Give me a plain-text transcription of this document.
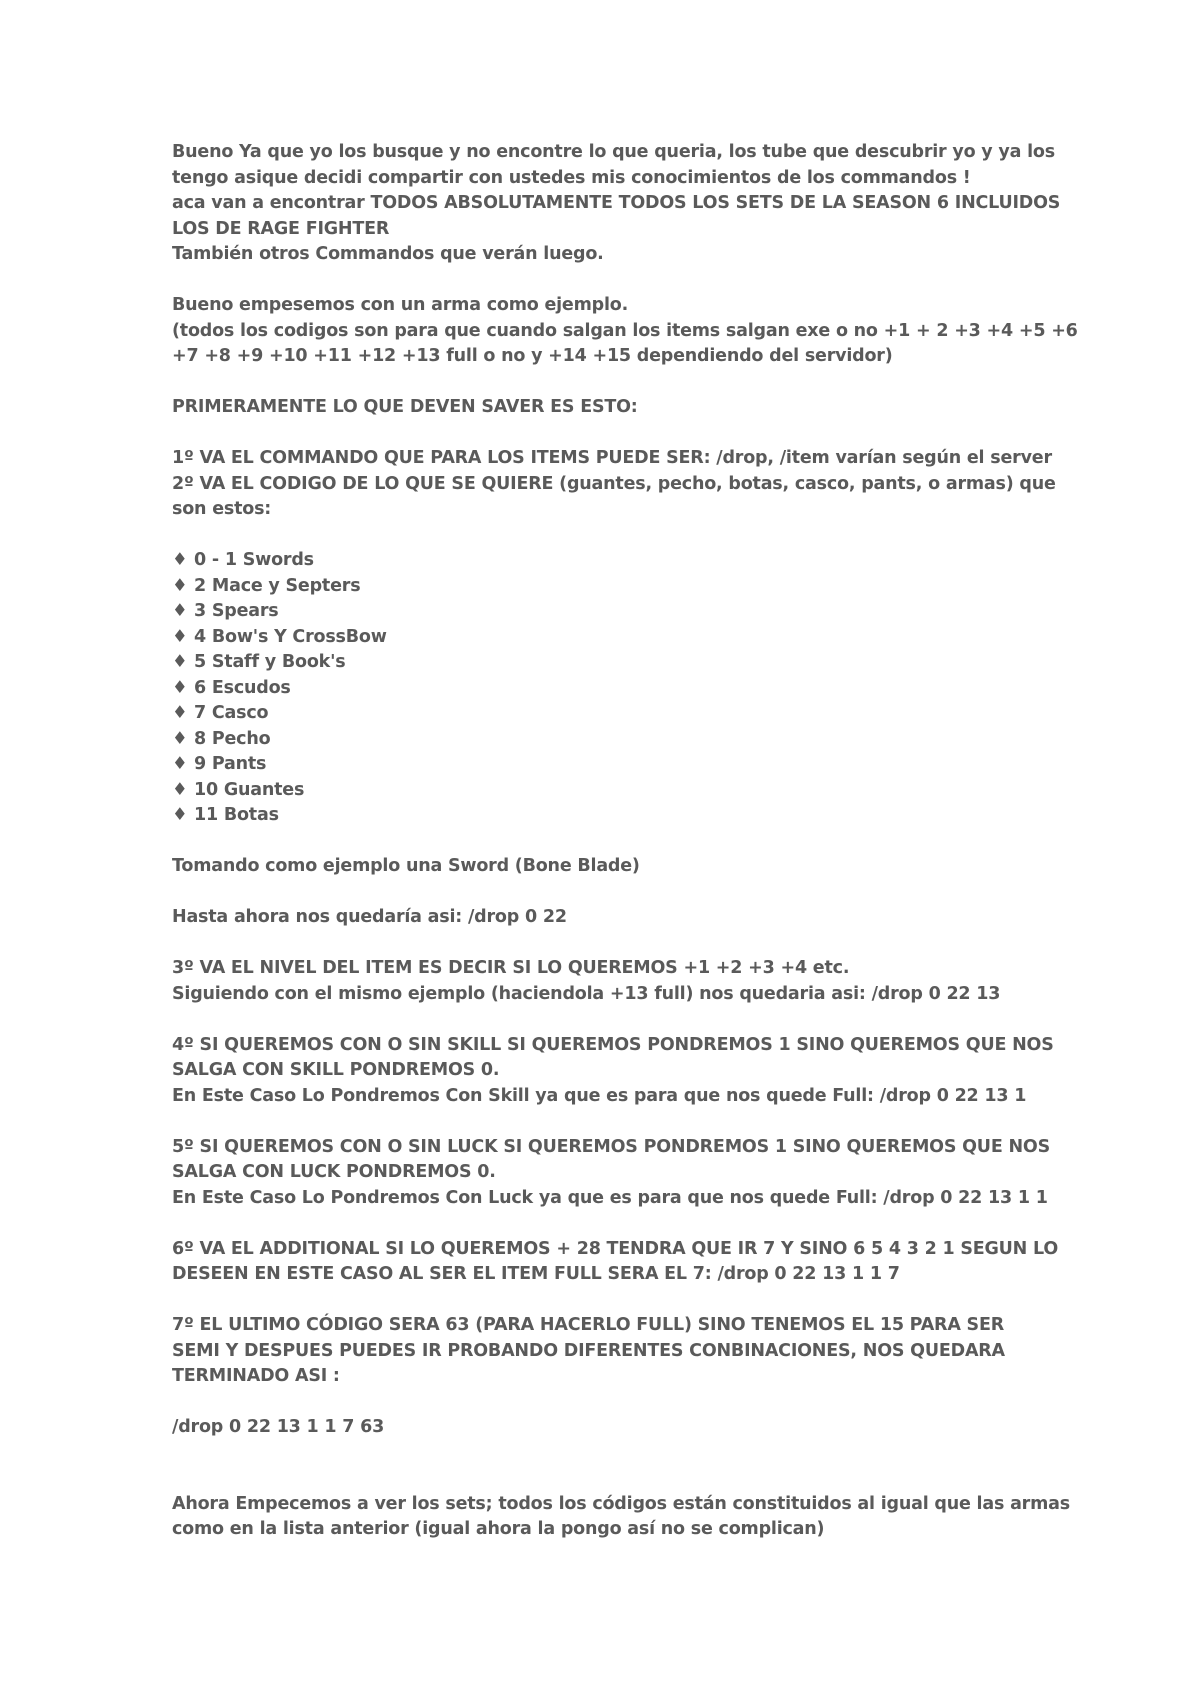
Bueno Ya que yo los busque y no encontre lo que queria, los tube que descubrir yo y ya los
tengo asique decidi compartir con ustedes mis conocimientos de los commandos !
aca van a encontrar TODOS ABSOLUTAMENTE TODOS LOS SETS DE LA SEASON 6 INCLUIDOS
LOS DE RAGE FIGHTER
También otros Commandos que verán luego.

Bueno empesemos con un arma como ejemplo.
(todos los codigos son para que cuando salgan los items salgan exe o no +1 + 2 +3 +4 +5 +6
+7 +8 +9 +10 +11 +12 +13 full o no y +14 +15 dependiendo del servidor)

PRIMERAMENTE LO QUE DEVEN SAVER ES ESTO:

1º VA EL COMMANDO QUE PARA LOS ITEMS PUEDE SER: /drop, /item varían según el server
2º VA EL CODIGO DE LO QUE SE QUIERE (guantes, pecho, botas, casco, pants, o armas) que
son estos:

♦ 0 - 1 Swords
♦ 2 Mace y Septers
♦ 3 Spears
♦ 4 Bow's Y CrossBow
♦ 5 Staff y Book's
♦ 6 Escudos
♦ 7 Casco
♦ 8 Pecho
♦ 9 Pants
♦ 10 Guantes
♦ 11 Botas

Tomando como ejemplo una Sword (Bone Blade)

Hasta ahora nos quedaría asi: /drop 0 22

3º VA EL NIVEL DEL ITEM ES DECIR SI LO QUEREMOS +1 +2 +3 +4 etc.
Siguiendo con el mismo ejemplo (haciendola +13 full) nos quedaria asi: /drop 0 22 13

4º SI QUEREMOS CON O SIN SKILL SI QUEREMOS PONDREMOS 1 SINO QUEREMOS QUE NOS
SALGA CON SKILL PONDREMOS 0.
En Este Caso Lo Pondremos Con Skill ya que es para que nos quede Full: /drop 0 22 13 1

5º SI QUEREMOS CON O SIN LUCK SI QUEREMOS PONDREMOS 1 SINO QUEREMOS QUE NOS
SALGA CON LUCK PONDREMOS 0.
En Este Caso Lo Pondremos Con Luck ya que es para que nos quede Full: /drop 0 22 13 1 1

6º VA EL ADDITIONAL SI LO QUEREMOS + 28 TENDRA QUE IR 7 Y SINO 6 5 4 3 2 1 SEGUN LO
DESEEN EN ESTE CASO AL SER EL ITEM FULL SERA EL 7: /drop 0 22 13 1 1 7

7º EL ULTIMO CÓDIGO SERA 63 (PARA HACERLO FULL) SINO TENEMOS EL 15 PARA SER
SEMI Y DESPUES PUEDES IR PROBANDO DIFERENTES CONBINACIONES, NOS QUEDARA
TERMINADO ASI :

/drop 0 22 13 1 1 7 63

Ahora Empecemos a ver los sets; todos los códigos están constituidos al igual que las armas
como en la lista anterior (igual ahora la pongo así no se complican)
